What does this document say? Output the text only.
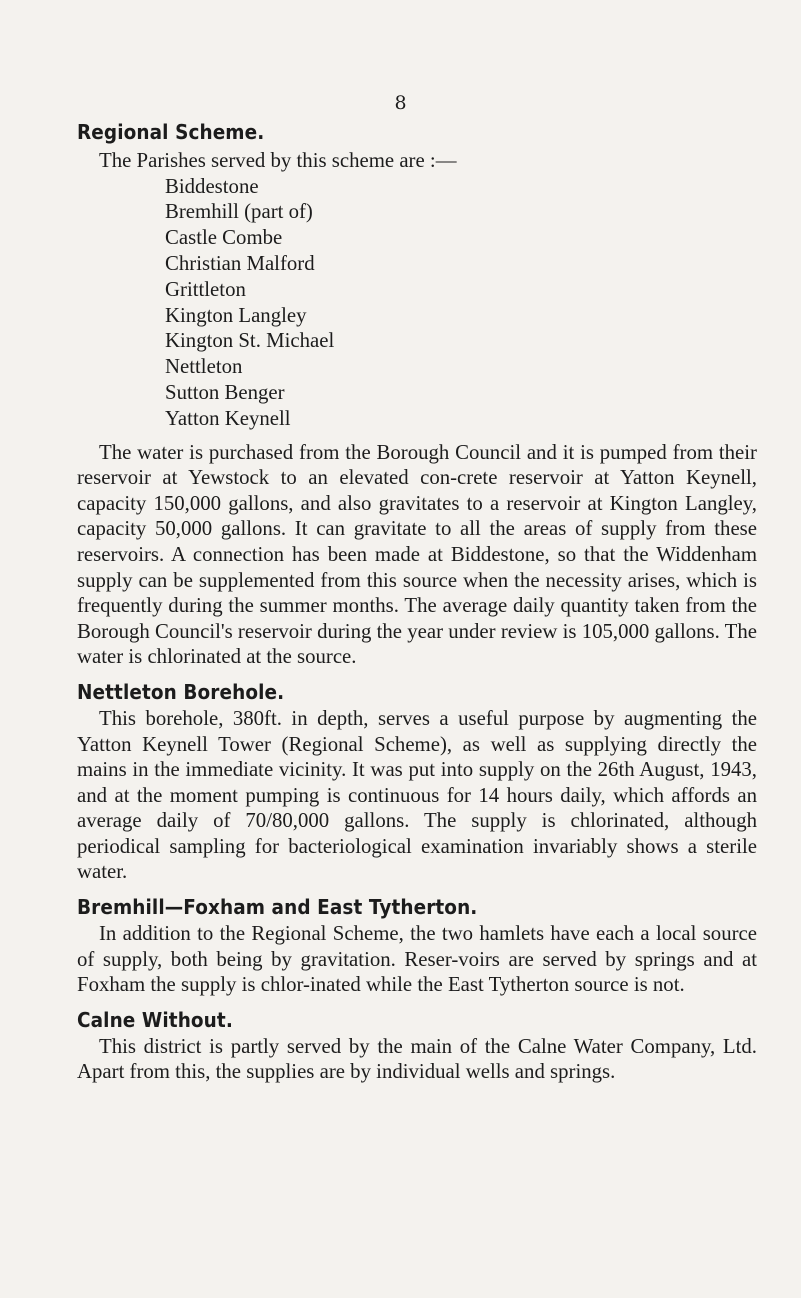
8
Regional Scheme.

The Parishes served by this scheme are :—

Biddestone
Bremhill (part of)
Castle Combe
Christian Malford
Grittleton
Kington Langley
Kington St. Michael
Nettleton
Sutton Benger
Yatton Keynell

The water is purchased from the Borough Council and it is pumped from their reservoir at Yewstock to an elevated con-crete reservoir at Yatton Keynell, capacity 150,000 gallons, and also gravitates to a reservoir at Kington Langley, capacity 50,000 gallons. It can gravitate to all the areas of supply from these reservoirs. A connection has been made at Biddestone, so that the Widdenham supply can be supplemented from this source when the necessity arises, which is frequently during the summer months. The average daily quantity taken from the Borough Council's reservoir during the year under review is 105,000 gallons. The water is chlorinated at the source.

Nettleton Borehole.

This borehole, 380ft. in depth, serves a useful purpose by augmenting the Yatton Keynell Tower (Regional Scheme), as well as supplying directly the mains in the immediate vicinity. It was put into supply on the 26th August, 1943, and at the moment pumping is continuous for 14 hours daily, which affords an average daily of 70/80,000 gallons. The supply is chlorinated, although periodical sampling for bacteriological examination invariably shows a sterile water.

Bremhill—Foxham and East Tytherton.

In addition to the Regional Scheme, the two hamlets have each a local source of supply, both being by gravitation. Reser-voirs are served by springs and at Foxham the supply is chlor-inated while the East Tytherton source is not.

Calne Without.

This district is partly served by the main of the Calne Water Company, Ltd. Apart from this, the supplies are by individual wells and springs.
